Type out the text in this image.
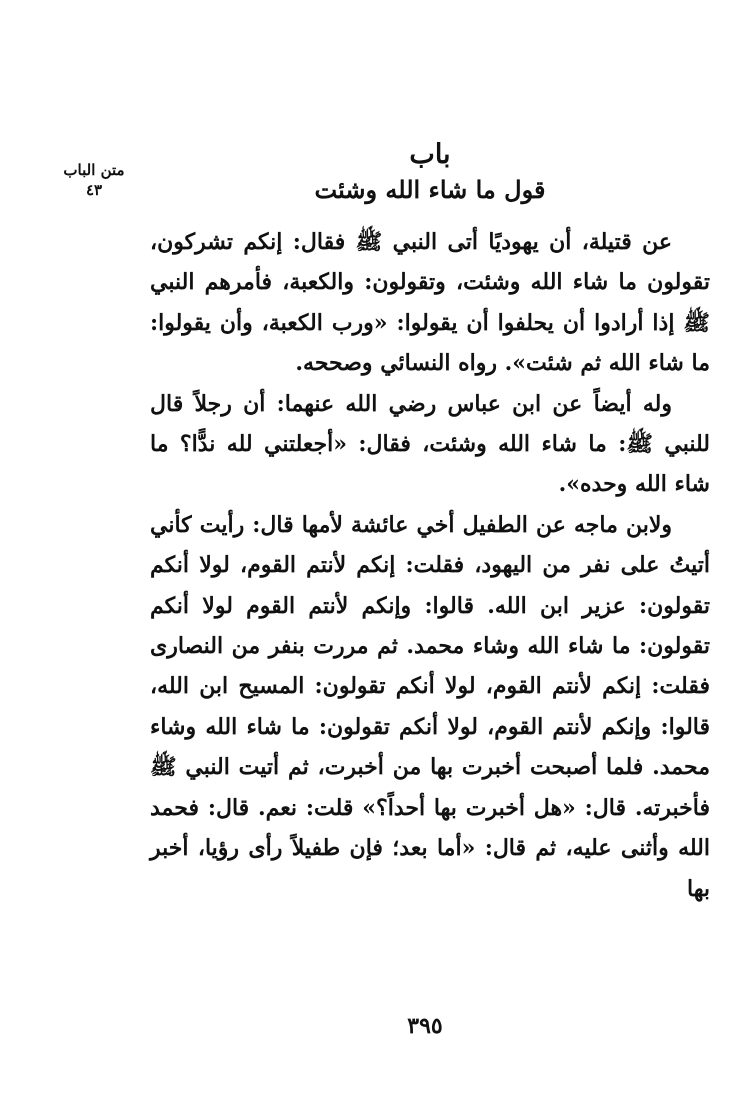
متن الباب
٤٣
باب
قول ما شاء الله وشئت

عن قتيلة، أن يهوديًا أتى النبي ﷺ فقال: إنكم تشركون، تقولون ما شاء الله وشئت، وتقولون: والكعبة، فأمرهم النبي ﷺ إذا أرادوا أن يحلفوا أن يقولوا: «ورب الكعبة، وأن يقولوا: ما شاء الله ثم شئت». رواه النسائي وصححه.

وله أيضاً عن ابن عباس رضي الله عنهما: أن رجلاً قال للنبي ﷺ: ما شاء الله وشئت، فقال: «أجعلتني لله ندًّا؟ ما شاء الله وحده».

ولابن ماجه عن الطفيل أخي عائشة لأمها قال: رأيت كأني أتيتُ على نفر من اليهود، فقلت: إنكم لأنتم القوم، لولا أنكم تقولون: عزير ابن الله. قالوا: وإنكم لأنتم القوم لولا أنكم تقولون: ما شاء الله وشاء محمد. ثم مررت بنفر من النصارى فقلت: إنكم لأنتم القوم، لولا أنكم تقولون: المسيح ابن الله، قالوا: وإنكم لأنتم القوم، لولا أنكم تقولون: ما شاء الله وشاء محمد. فلما أصبحت أخبرت بها من أخبرت، ثم أتيت النبي ﷺ فأخبرته. قال: «هل أخبرت بها أحداً؟» قلت: نعم. قال: فحمد الله وأثنى عليه، ثم قال: «أما بعد؛ فإن طفيلاً رأى رؤيا، أخبر بها

٣٩٥
